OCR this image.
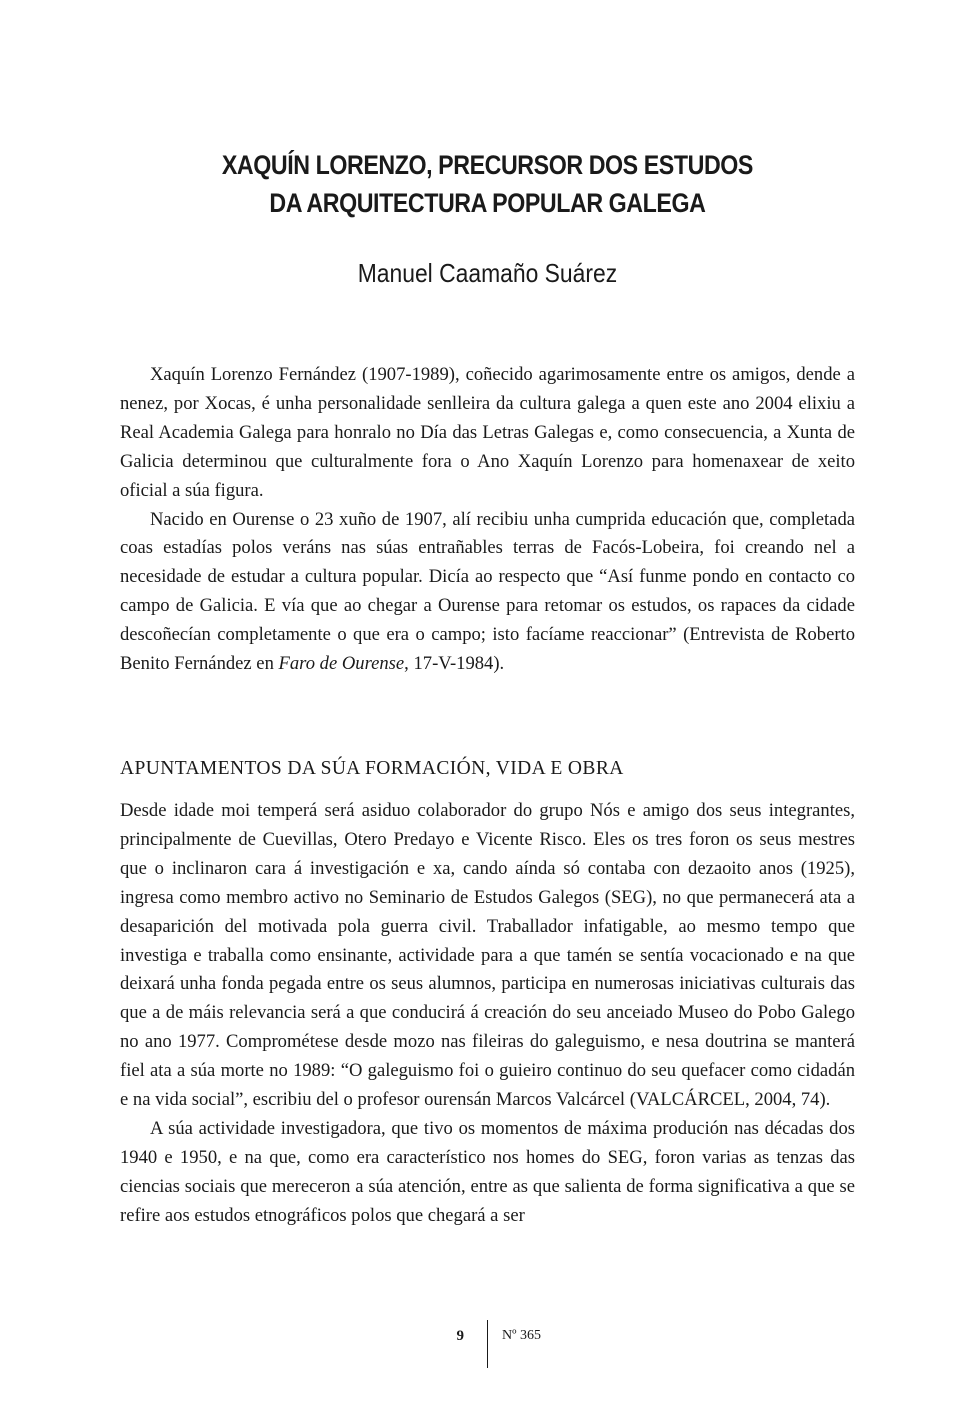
XAQUÍN LORENZO, PRECURSOR DOS ESTUDOS
DA ARQUITECTURA POPULAR GALEGA
Manuel Caamaño Suárez

Xaquín Lorenzo Fernández (1907-1989), coñecido agarimosamente entre os amigos, dende a nenez, por Xocas, é unha personalidade senlleira da cultura galega a quen este ano 2004 elixiu a Real Academia Galega para honralo no Día das Letras Galegas e, como consecuencia, a Xunta de Galicia determinou que culturalmente fora o Ano Xaquín Lorenzo para homenaxear de xeito oficial a súa figura.

Nacido en Ourense o 23 xuño de 1907, alí recibiu unha cumprida educación que, completada coas estadías polos veráns nas súas entrañables terras de Facós-Lobeira, foi creando nel a necesidade de estudar a cultura popular. Dicía ao respecto que “Así funme pondo en contacto co campo de Galicia. E vía que ao chegar a Ourense para retomar os estudos, os rapaces da cidade descoñecían completamente o que era o campo; isto facíame reaccionar” (Entrevista de Roberto Benito Fernández en Faro de Ourense, 17-V-1984).

APUNTAMENTOS DA SÚA FORMACIÓN, VIDA E OBRA

Desde idade moi temperá será asiduo colaborador do grupo Nós e amigo dos seus integrantes, principalmente de Cuevillas, Otero Predayo e Vicente Risco. Eles os tres foron os seus mestres que o inclinaron cara á investigación e xa, cando aínda só contaba con dezaoito anos (1925), ingresa como membro activo no Seminario de Estudos Galegos (SEG), no que permanecerá ata a desaparición del motivada pola guerra civil. Traballador infatigable, ao mesmo tempo que investiga e traballa como ensinante, actividade para a que tamén se sentía vocacionado e na que deixará unha fonda pegada entre os seus alumnos, participa en numerosas iniciativas culturais das que a de máis relevancia será a que conducirá á creación do seu anceiado Museo do Pobo Galego no ano 1977. Comprométese desde mozo nas fileiras do galeguismo, e nesa doutrina se manterá fiel ata a súa morte no 1989: “O galeguismo foi o guieiro continuo do seu quefacer como cidadán e na vida social”, escribiu del o profesor ourensán Marcos Valcárcel (VALCÁRCEL, 2004, 74).

A súa actividade investigadora, que tivo os momentos de máxima produción nas décadas dos 1940 e 1950, e na que, como era característico nos homes do SEG, foron varias as tenzas das ciencias sociais que mereceron a súa atención, entre as que salienta de forma significativa a que se refire aos estudos etnográficos polos que chegará a ser

9	Nº 365
